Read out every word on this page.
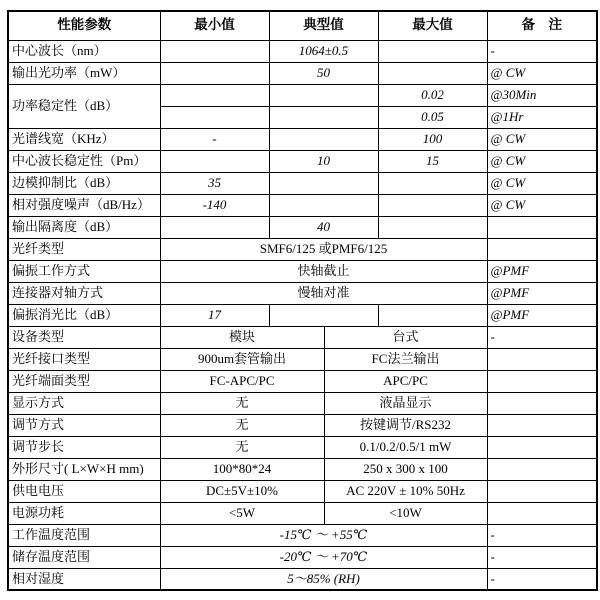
性能参数	最小值	典型值		最大值	备　注
中心波长（nm）		1064±0.5			-
输出光功率（mW）		50			@ CW
功率稳定性（dB）				0.02	@30Min
				0.05	@1Hr
光谱线宽（KHz）	-			100	@ CW
中心波长稳定性（Pm）		10		15	@ CW
边模抑制比（dB）	35				@ CW
相对强度噪声（dB/Hz）	-140				@ CW
输出隔离度（dB）		40			
光纤类型	SMF6/125 或PMF6/125				
偏振工作方式	快轴截止				@PMF
连接器对轴方式	慢轴对准				@PMF
偏振消光比（dB）	17				@PMF
设备类型	模块		台式		-
光纤接口类型	900um套管输出		FC法兰输出		
光纤端面类型	FC-APC/PC		APC/PC		
显示方式	无		液晶显示		
调节方式	无		按键调节/RS232		
调节步长	无		0.1/0.2/0.5/1 mW		
外形尺寸( L×W×H mm)	100*80*24		250 x 300 x 100		
供电电压	DC±5V±10%		AC 220V ± 10% 50Hz		
电源功耗	<5W		<10W		
工作温度范围	-15℃ ～ +55℃				-
储存温度范围	-20℃ ～ +70℃				-
相对湿度	5～85% (RH)				-
